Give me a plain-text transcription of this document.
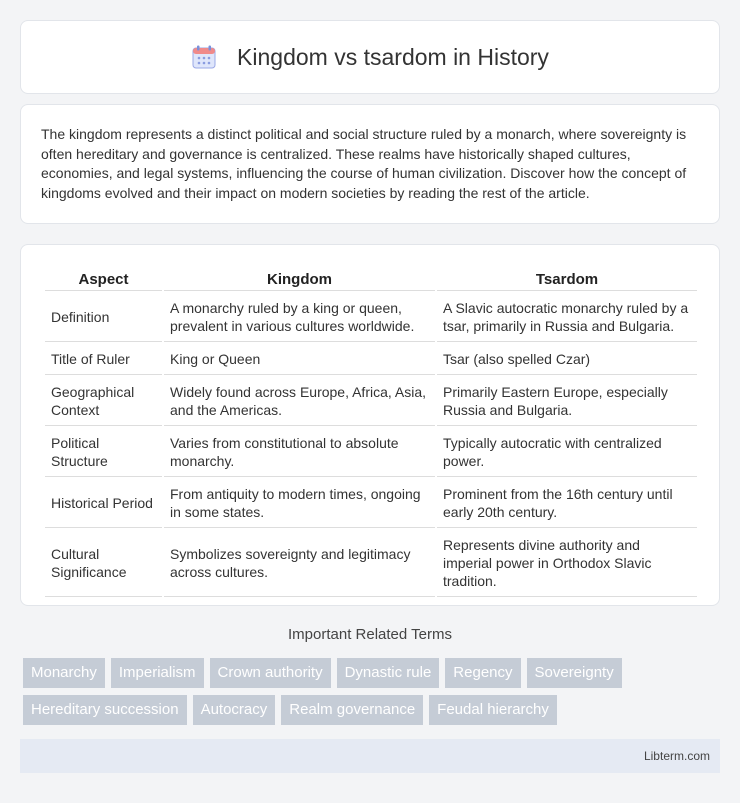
Kingdom vs tsardom in History

The kingdom represents a distinct political and social structure ruled by a monarch, where sovereignty is often hereditary and governance is centralized. These realms have historically shaped cultures, economies, and legal systems, influencing the course of human civilization. Discover how the concept of kingdoms evolved and their impact on modern societies by reading the rest of the article.

Aspect	Kingdom	Tsardom
Definition	A monarchy ruled by a king or queen, prevalent in various cultures worldwide.	A Slavic autocratic monarchy ruled by a tsar, primarily in Russia and Bulgaria.
Title of Ruler	King or Queen	Tsar (also spelled Czar)
Geographical Context	Widely found across Europe, Africa, Asia, and the Americas.	Primarily Eastern Europe, especially Russia and Bulgaria.
Political Structure	Varies from constitutional to absolute monarchy.	Typically autocratic with centralized power.
Historical Period	From antiquity to modern times, ongoing in some states.	Prominent from the 16th century until early 20th century.
Cultural Significance	Symbolizes sovereignty and legitimacy across cultures.	Represents divine authority and imperial power in Orthodox Slavic tradition.
Important Related Terms
Monarchy	Imperialism	Crown authority	Dynastic rule	Regency	Sovereignty
Hereditary succession	Autocracy	Realm governance	Feudal hierarchy
Libterm.com
